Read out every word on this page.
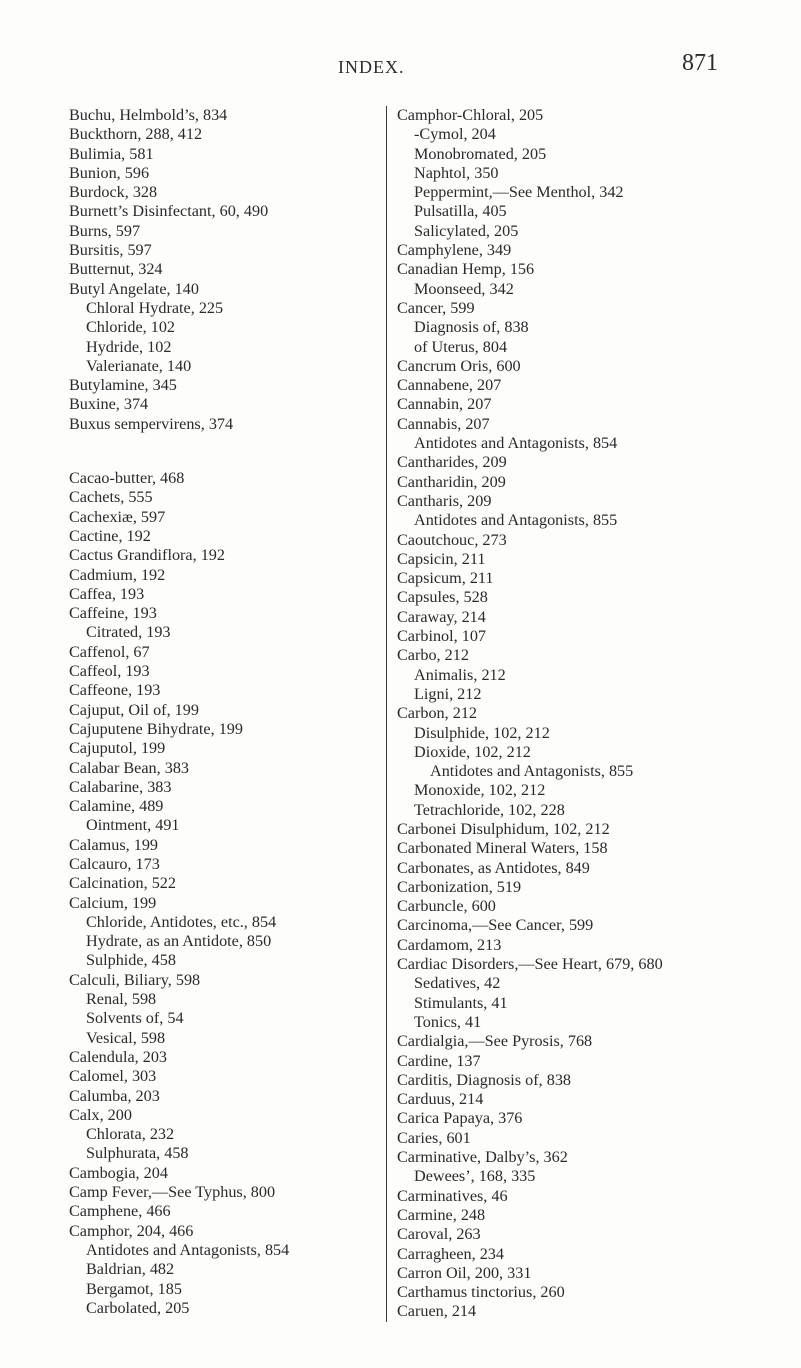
INDEX.	871
Buchu, Helmbold’s, 834
Buckthorn, 288, 412
Bulimia, 581
Bunion, 596
Burdock, 328
Burnett’s Disinfectant, 60, 490
Burns, 597
Bursitis, 597
Butternut, 324
Butyl Angelate, 140
Chloral Hydrate, 225
Chloride, 102
Hydride, 102
Valerianate, 140
Butylamine, 345
Buxine, 374
Buxus sempervirens, 374
Cacao-butter, 468
Cachets, 555
Cachexiæ, 597
Cactine, 192
Cactus Grandiflora, 192
Cadmium, 192
Caffea, 193
Caffeine, 193
Citrated, 193
Caffenol, 67
Caffeol, 193
Caffeone, 193
Cajuput, Oil of, 199
Cajuputene Bihydrate, 199
Cajuputol, 199
Calabar Bean, 383
Calabarine, 383
Calamine, 489
Ointment, 491
Calamus, 199
Calcauro, 173
Calcination, 522
Calcium, 199
Chloride, Antidotes, etc., 854
Hydrate, as an Antidote, 850
Sulphide, 458
Calculi, Biliary, 598
Renal, 598
Solvents of, 54
Vesical, 598
Calendula, 203
Calomel, 303
Calumba, 203
Calx, 200
Chlorata, 232
Sulphurata, 458
Cambogia, 204
Camp Fever,—See Typhus, 800
Camphene, 466
Camphor, 204, 466
Antidotes and Antagonists, 854
Baldrian, 482
Bergamot, 185
Carbolated, 205
Camphor-Chloral, 205
-Cymol, 204
Monobromated, 205
Naphtol, 350
Peppermint,—See Menthol, 342
Pulsatilla, 405
Salicylated, 205
Camphylene, 349
Canadian Hemp, 156
Moonseed, 342
Cancer, 599
Diagnosis of, 838
of Uterus, 804
Cancrum Oris, 600
Cannabene, 207
Cannabin, 207
Cannabis, 207
Antidotes and Antagonists, 854
Cantharides, 209
Cantharidin, 209
Cantharis, 209
Antidotes and Antagonists, 855
Caoutchouc, 273
Capsicin, 211
Capsicum, 211
Capsules, 528
Caraway, 214
Carbinol, 107
Carbo, 212
Animalis, 212
Ligni, 212
Carbon, 212
Disulphide, 102, 212
Dioxide, 102, 212
Antidotes and Antagonists, 855
Monoxide, 102, 212
Tetrachloride, 102, 228
Carbonei Disulphidum, 102, 212
Carbonated Mineral Waters, 158
Carbonates, as Antidotes, 849
Carbonization, 519
Carbuncle, 600
Carcinoma,—See Cancer, 599
Cardamom, 213
Cardiac Disorders,—See Heart, 679, 680
Sedatives, 42
Stimulants, 41
Tonics, 41
Cardialgia,—See Pyrosis, 768
Cardine, 137
Carditis, Diagnosis of, 838
Carduus, 214
Carica Papaya, 376
Caries, 601
Carminative, Dalby’s, 362
Dewees’, 168, 335
Carminatives, 46
Carmine, 248
Caroval, 263
Carragheen, 234
Carron Oil, 200, 331
Carthamus tinctorius, 260
Caruen, 214
